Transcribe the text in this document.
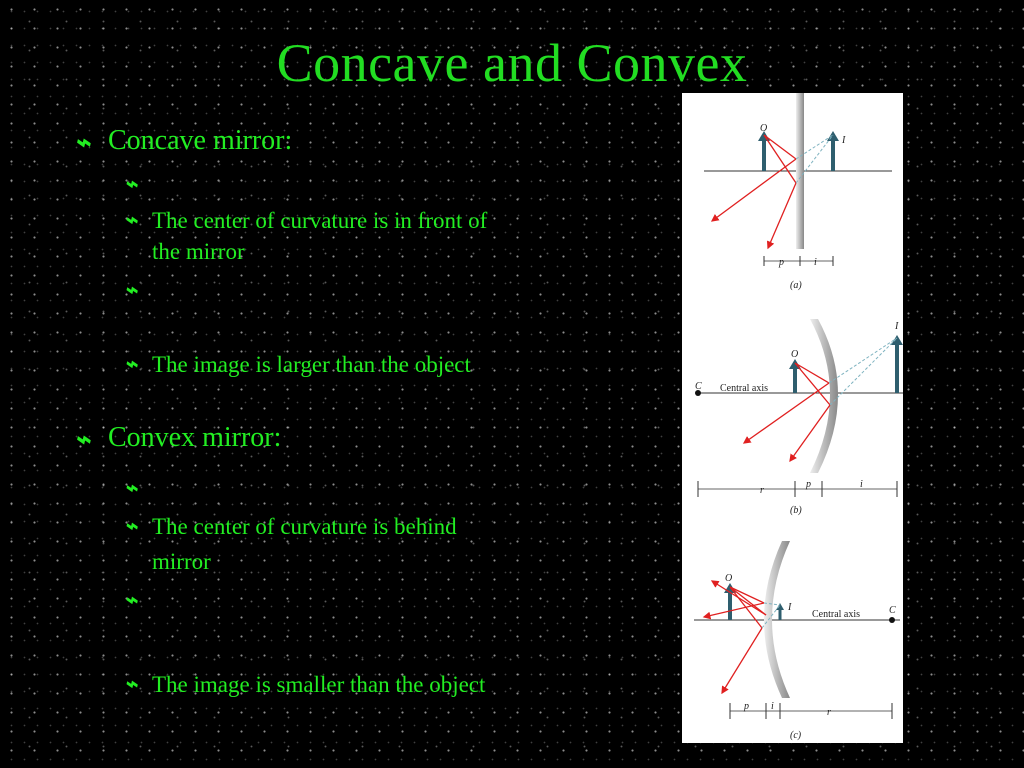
Concave and Convex
⌁ Concave mirror:
⌁
⌁ The center of curvature is in front of the mirror
⌁
⌁ The image is larger than the object
⌁ Convex mirror:
⌁
⌁ The center of curvature is behind mirror
⌁
⌁ The image is smaller than the object
O
I
p	i
(a)
C Central axis
O
I
r
p	i
(b)
O
I
Central axis	C
p i
r
(c)
